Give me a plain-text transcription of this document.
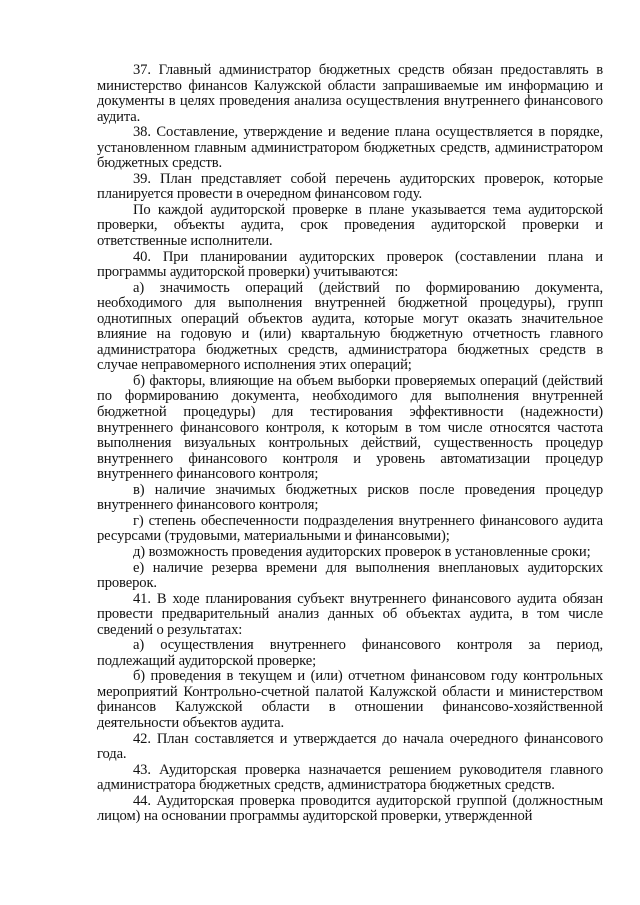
37. Главный администратор бюджетных средств обязан предоставлять в министерство финансов Калужской области запрашиваемые им информацию и документы в целях проведения анализа осуществления внутреннего финансового аудита.

38. Составление, утверждение и ведение плана осуществляется в порядке, установленном главным администратором бюджетных средств, администратором бюджетных средств.

39. План представляет собой перечень аудиторских проверок, которые планируется провести в очередном финансовом году.

По каждой аудиторской проверке в плане указывается тема аудиторской проверки, объекты аудита, срок проведения аудиторской проверки и ответственные исполнители.

40. При планировании аудиторских проверок (составлении плана и программы аудиторской проверки) учитываются:

а) значимость операций (действий по формированию документа, необходимого для выполнения внутренней бюджетной процедуры), групп однотипных операций объектов аудита, которые могут оказать значительное влияние на годовую и (или) квартальную бюджетную отчетность главного администратора бюджетных средств, администратора бюджетных средств в случае неправомерного исполнения этих операций;

б) факторы, влияющие на объем выборки проверяемых операций (действий по формированию документа, необходимого для выполнения внутренней бюджетной процедуры) для тестирования эффективности (надежности) внутреннего финансового контроля, к которым в том числе относятся частота выполнения визуальных контрольных действий, существенность процедур внутреннего финансового контроля и уровень автоматизации процедур внутреннего финансового контроля;

в) наличие значимых бюджетных рисков после проведения процедур внутреннего финансового контроля;

г) степень обеспеченности подразделения внутреннего финансового аудита ресурсами (трудовыми, материальными и финансовыми);

д) возможность проведения аудиторских проверок в установленные сроки;

е) наличие резерва времени для выполнения внеплановых аудиторских проверок.

41. В ходе планирования субъект внутреннего финансового аудита обязан провести предварительный анализ данных об объектах аудита, в том числе сведений о результатах:

а) осуществления внутреннего финансового контроля за период, подлежащий аудиторской проверке;

б) проведения в текущем и (или) отчетном финансовом году контрольных мероприятий Контрольно-счетной палатой Калужской области и министерством финансов Калужской области в отношении финансово-хозяйственной деятельности объектов аудита.

42. План составляется и утверждается до начала очередного финансового года.

43. Аудиторская проверка назначается решением руководителя главного администратора бюджетных средств, администратора бюджетных средств.

44. Аудиторская проверка проводится аудиторской группой (должностным лицом) на основании программы аудиторской проверки, утвержденной
